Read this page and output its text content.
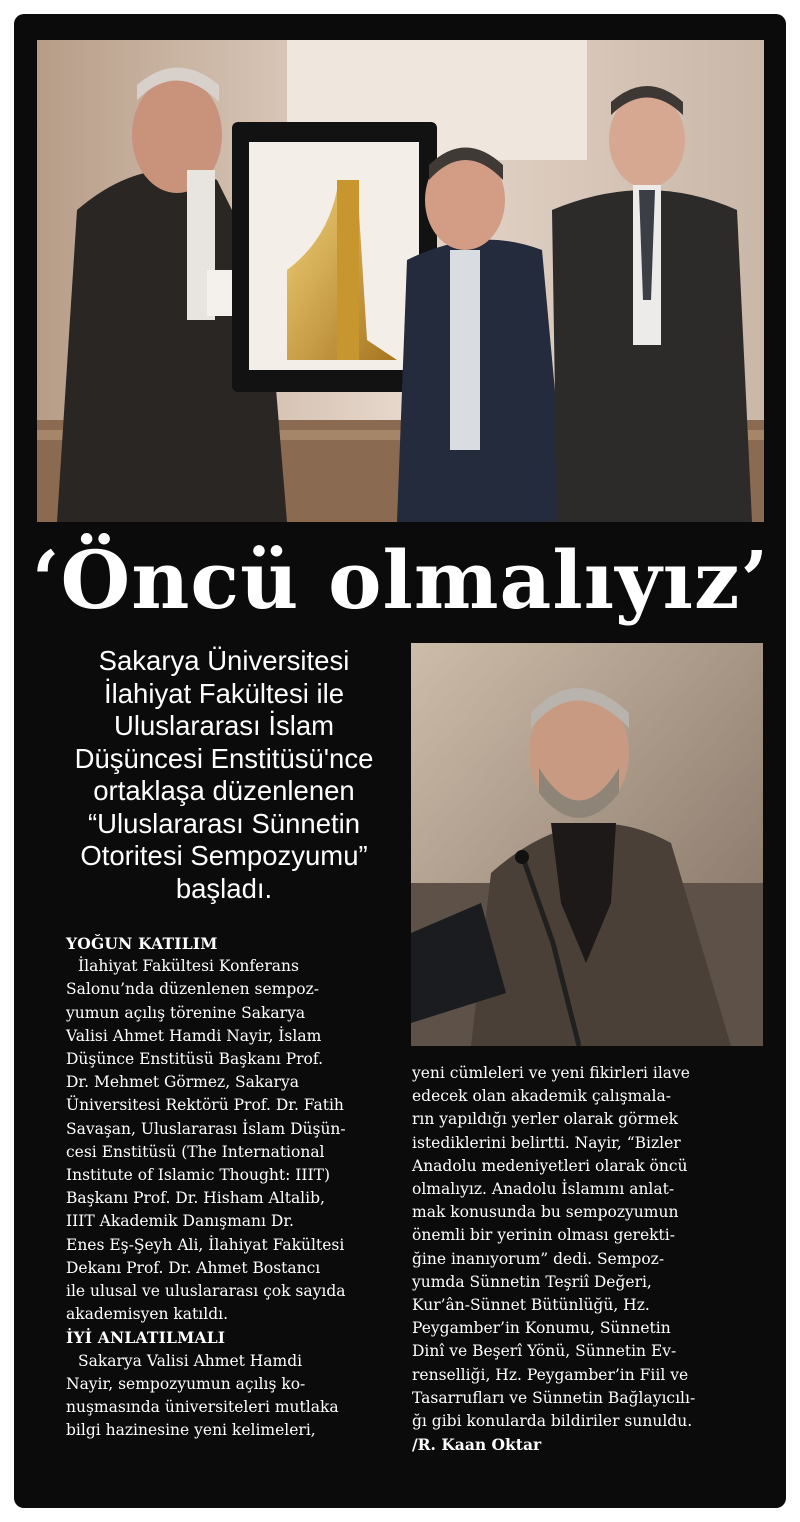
‘Öncü olmalıyız’
Sakarya Üniversitesi
İlahiyat Fakültesi ile
Uluslararası İslam
Düşüncesi Enstitüsü'nce
ortaklaşa düzenlenen
“Uluslararası Sünnetin
Otoritesi Sempozyumu”
başladı.

YOĞUN KATILIM

İlahiyat Fakültesi Konferans

Salonu’nda düzenlenen sempoz-

yumun açılış törenine Sakarya

Valisi Ahmet Hamdi Nayir, İslam

Düşünce Enstitüsü Başkanı Prof.

Dr. Mehmet Görmez, Sakarya

Üniversitesi Rektörü Prof. Dr. Fatih

Savaşan, Uluslararası İslam Düşün-

cesi Enstitüsü (The International

Institute of Islamic Thought: IIIT)

Başkanı Prof. Dr. Hisham Altalib,

IIIT Akademik Danışmanı Dr.

Enes Eş-Şeyh Ali, İlahiyat Fakültesi

Dekanı Prof. Dr. Ahmet Bostancı

ile ulusal ve uluslararası çok sayıda

akademisyen katıldı.

İYİ ANLATILMALI

Sakarya Valisi Ahmet Hamdi

Nayir, sempozyumun açılış ko-

nuşmasında üniversiteleri mutlaka

bilgi hazinesine yeni kelimeleri,

yeni cümleleri ve yeni fikirleri ilave

edecek olan akademik çalışmala-

rın yapıldığı yerler olarak görmek

istediklerini belirtti. Nayir, “Bizler

Anadolu medeniyetleri olarak öncü

olmalıyız. Anadolu İslamını anlat-

mak konusunda bu sempozyumun

önemli bir yerinin olması gerekti-

ğine inanıyorum” dedi. Sempoz-

yumda Sünnetin Teşriî Değeri,

Kur’ân-Sünnet Bütünlüğü, Hz.

Peygamber’in Konumu, Sünnetin

Dinî ve Beşerî Yönü, Sünnetin Ev-

renselliği, Hz. Peygamber’in Fiil ve

Tasarrufları ve Sünnetin Bağlayıcılı-

ğı gibi konularda bildiriler sunuldu.

/R. Kaan Oktar
